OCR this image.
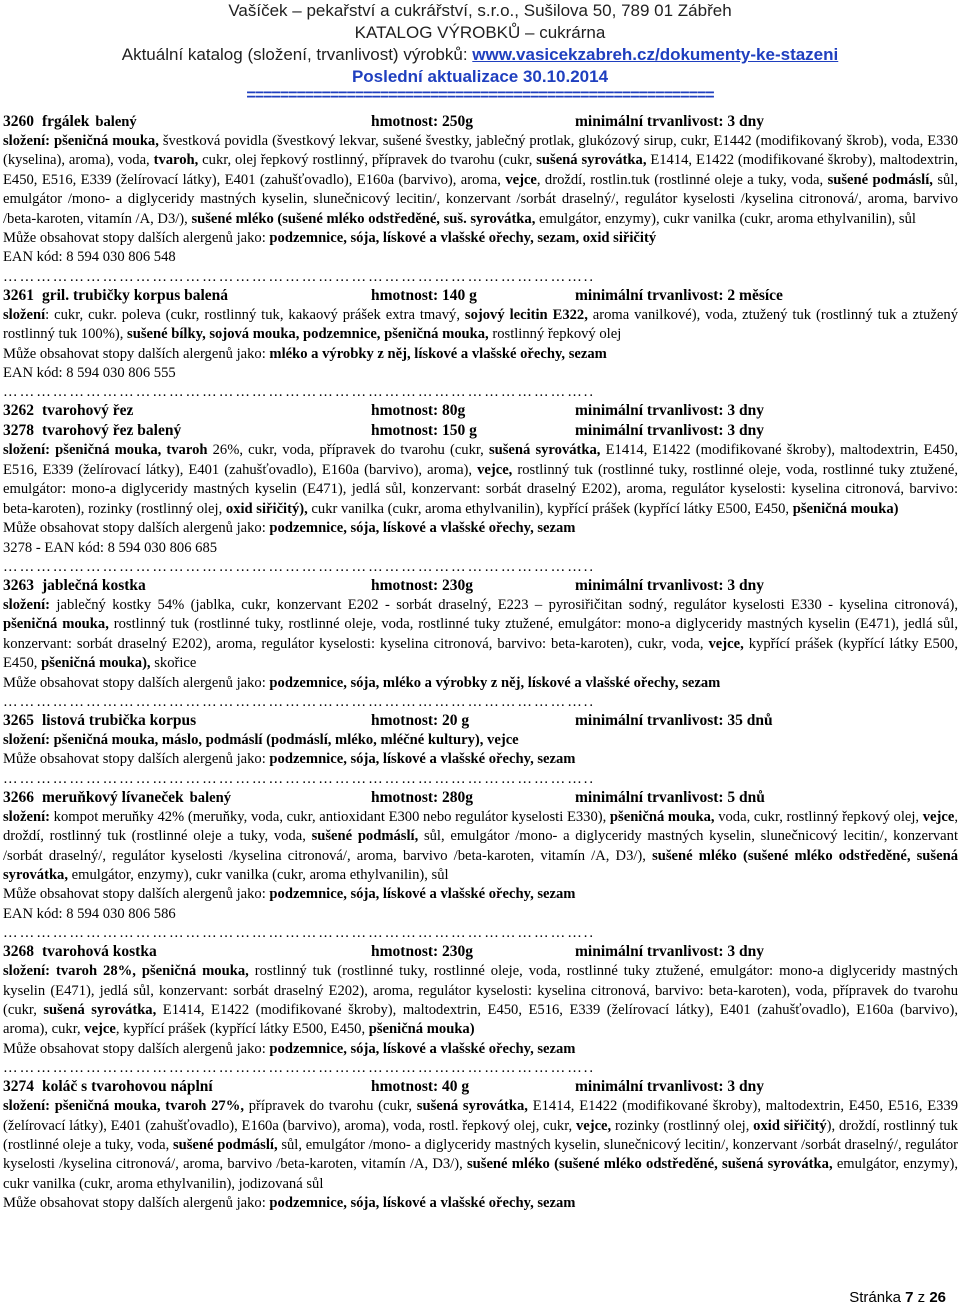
Vašíček – pekařství a cukrářství, s.r.o., Sušilova 50, 789 01 Zábřeh
KATALOG VÝROBKŮ – cukrárna
Aktuální katalog (složení, trvanlivost) výrobků: www.vasicekzabreh.cz/dokumenty-ke-stazeni
Poslední aktualizace 30.10.2014
========================================================
3260 frgálek balený	hmotnost: 250g	minimální trvanlivost: 3 dny
složení: pšeničná mouka, švestková povidla (švestkový lekvar, sušené švestky, jablečný protlak, glukózový sirup, cukr, E1442 (modifikovaný škrob), voda, E330 (kyselina), aroma), voda, tvaroh, cukr, olej řepkový rostlinný, přípravek do tvarohu (cukr, sušená syrovátka, E1414, E1422 (modifikované škroby), maltodextrin, E450, E516, E339 (želírovací látky), E401 (zahušťovadlo), E160a (barvivo), aroma, vejce, droždí, rostlin.tuk (rostlinné oleje a tuky, voda, sušené podmáslí, sůl, emulgátor /mono- a diglyceridy mastných kyselin, slunečnicový lecitin/, konzervant /sorbát draselný/, regulátor kyselosti /kyselina citronová/, aroma, barvivo /beta-karoten, vitamín /A, D3/), sušené mléko (sušené mléko odstředěné, suš. syrovátka, emulgátor, enzymy), cukr vanilka (cukr, aroma ethylvanilin), sůl
Může obsahovat stopy dalších alergenů jako: podzemnice, sója, lískové a vlašské ořechy, sezam, oxid siřičitý
EAN kód: 8 594 030 806 548
……………………………………………………………………………………………..
3261 gril. trubičky korpus balená	hmotnost: 140 g	minimální trvanlivost: 2 měsíce
složení: cukr, cukr. poleva (cukr, rostlinný tuk, kakaový prášek extra tmavý, sojový lecitin E322, aroma vanilkové), voda, ztužený tuk (rostlinný tuk a ztužený rostlinný tuk 100%), sušené bílky, sojová mouka, podzemnice, pšeničná mouka, rostlinný řepkový olej
Může obsahovat stopy dalších alergenů jako: mléko a výrobky z něj, lískové a vlašské ořechy, sezam
EAN kód: 8 594 030 806 555
……………………………………………………………………………………………..
3262 tvarohový řez	hmotnost: 80g	minimální trvanlivost: 3 dny
3278 tvarohový řez balený	hmotnost: 150 g	minimální trvanlivost: 3 dny
složení: pšeničná mouka, tvaroh 26%, cukr, voda, přípravek do tvarohu (cukr, sušená syrovátka, E1414, E1422 (modifikované škroby), maltodextrin, E450, E516, E339 (želírovací látky), E401 (zahušťovadlo), E160a (barvivo), aroma), vejce, rostlinný tuk (rostlinné tuky, rostlinné oleje, voda, rostlinné tuky ztužené, emulgátor: mono-a diglyceridy mastných kyselin (E471), jedlá sůl, konzervant: sorbát draselný E202), aroma, regulátor kyselosti: kyselina citronová, barvivo: beta-karoten), rozinky (rostlinný olej, oxid siřičitý), cukr vanilka (cukr, aroma ethylvanilin), kypřící prášek (kypřící látky E500, E450, pšeničná mouka)
Může obsahovat stopy dalších alergenů jako: podzemnice, sója, lískové a vlašské ořechy, sezam
3278 - EAN kód: 8 594 030 806 685
……………………………………………………………………………………………..
3263 jablečná kostka	hmotnost: 230g	minimální trvanlivost: 3 dny
složení: jablečný kostky 54% (jablka, cukr, konzervant E202 - sorbát draselný, E223 – pyrosiřičitan sodný, regulátor kyselosti E330 - kyselina citronová), pšeničná mouka, rostlinný tuk (rostlinné tuky, rostlinné oleje, voda, rostlinné tuky ztužené, emulgátor: mono-a diglyceridy mastných kyselin (E471), jedlá sůl, konzervant: sorbát draselný E202), aroma, regulátor kyselosti: kyselina citronová, barvivo: beta-karoten), cukr, voda, vejce, kypřící prášek (kypřící látky E500, E450, pšeničná mouka), skořice
Může obsahovat stopy dalších alergenů jako: podzemnice, sója, mléko a výrobky z něj, lískové a vlašské ořechy, sezam
……………………………………………………………………………………………..
3265 listová trubička korpus	hmotnost: 20 g	minimální trvanlivost: 35 dnů
složení: pšeničná mouka, máslo, podmáslí (podmáslí, mléko, mléčné kultury), vejce
Může obsahovat stopy dalších alergenů jako: podzemnice, sója, lískové a vlašské ořechy, sezam
……………………………………………………………………………………………..
3266 meruňkový lívaneček balený	hmotnost: 280g	minimální trvanlivost: 5 dnů
složení: kompot meruňky 42% (meruňky, voda, cukr, antioxidant E300 nebo regulátor kyselosti E330), pšeničná mouka, voda, cukr, rostlinný řepkový olej, vejce, droždí, rostlinný tuk (rostlinné oleje a tuky, voda, sušené podmáslí, sůl, emulgátor /mono- a diglyceridy mastných kyselin, slunečnicový lecitin/, konzervant /sorbát draselný/, regulátor kyselosti /kyselina citronová/, aroma, barvivo /beta-karoten, vitamín /A, D3/), sušené mléko (sušené mléko odstředěné, sušená syrovátka, emulgátor, enzymy), cukr vanilka (cukr, aroma ethylvanilin), sůl
Může obsahovat stopy dalších alergenů jako: podzemnice, sója, lískové a vlašské ořechy, sezam
EAN kód: 8 594 030 806 586
……………………………………………………………………………………………..
3268 tvarohová kostka	hmotnost: 230g	minimální trvanlivost: 3 dny
složení: tvaroh 28%, pšeničná mouka, rostlinný tuk (rostlinné tuky, rostlinné oleje, voda, rostlinné tuky ztužené, emulgátor: mono-a diglyceridy mastných kyselin (E471), jedlá sůl, konzervant: sorbát draselný E202), aroma, regulátor kyselosti: kyselina citronová, barvivo: beta-karoten), voda, přípravek do tvarohu (cukr, sušená syrovátka, E1414, E1422 (modifikované škroby), maltodextrin, E450, E516, E339 (želírovací látky), E401 (zahušťovadlo), E160a (barvivo), aroma), cukr, vejce, kypřící prášek (kypřící látky E500, E450, pšeničná mouka)
Může obsahovat stopy dalších alergenů jako: podzemnice, sója, lískové a vlašské ořechy, sezam
……………………………………………………………………………………………..
3274 koláč s tvarohovou náplní	hmotnost: 40 g	minimální trvanlivost: 3 dny
složení: pšeničná mouka, tvaroh 27%, přípravek do tvarohu (cukr, sušená syrovátka, E1414, E1422 (modifikované škroby), maltodextrin, E450, E516, E339 (želírovací látky), E401 (zahušťovadlo), E160a (barvivo), aroma), voda, rostl. řepkový olej, cukr, vejce, rozinky (rostlinný olej, oxid siřičitý), droždí, rostlinný tuk (rostlinné oleje a tuky, voda, sušené podmáslí, sůl, emulgátor /mono- a diglyceridy mastných kyselin, slunečnicový lecitin/, konzervant /sorbát draselný/, regulátor kyselosti /kyselina citronová/, aroma, barvivo /beta-karoten, vitamín /A, D3/), sušené mléko (sušené mléko odstředěné, sušená syrovátka, emulgátor, enzymy), cukr vanilka (cukr, aroma ethylvanilin), jodizovaná sůl
Může obsahovat stopy dalších alergenů jako: podzemnice, sója, lískové a vlašské ořechy, sezam
Stránka 7 z 26
